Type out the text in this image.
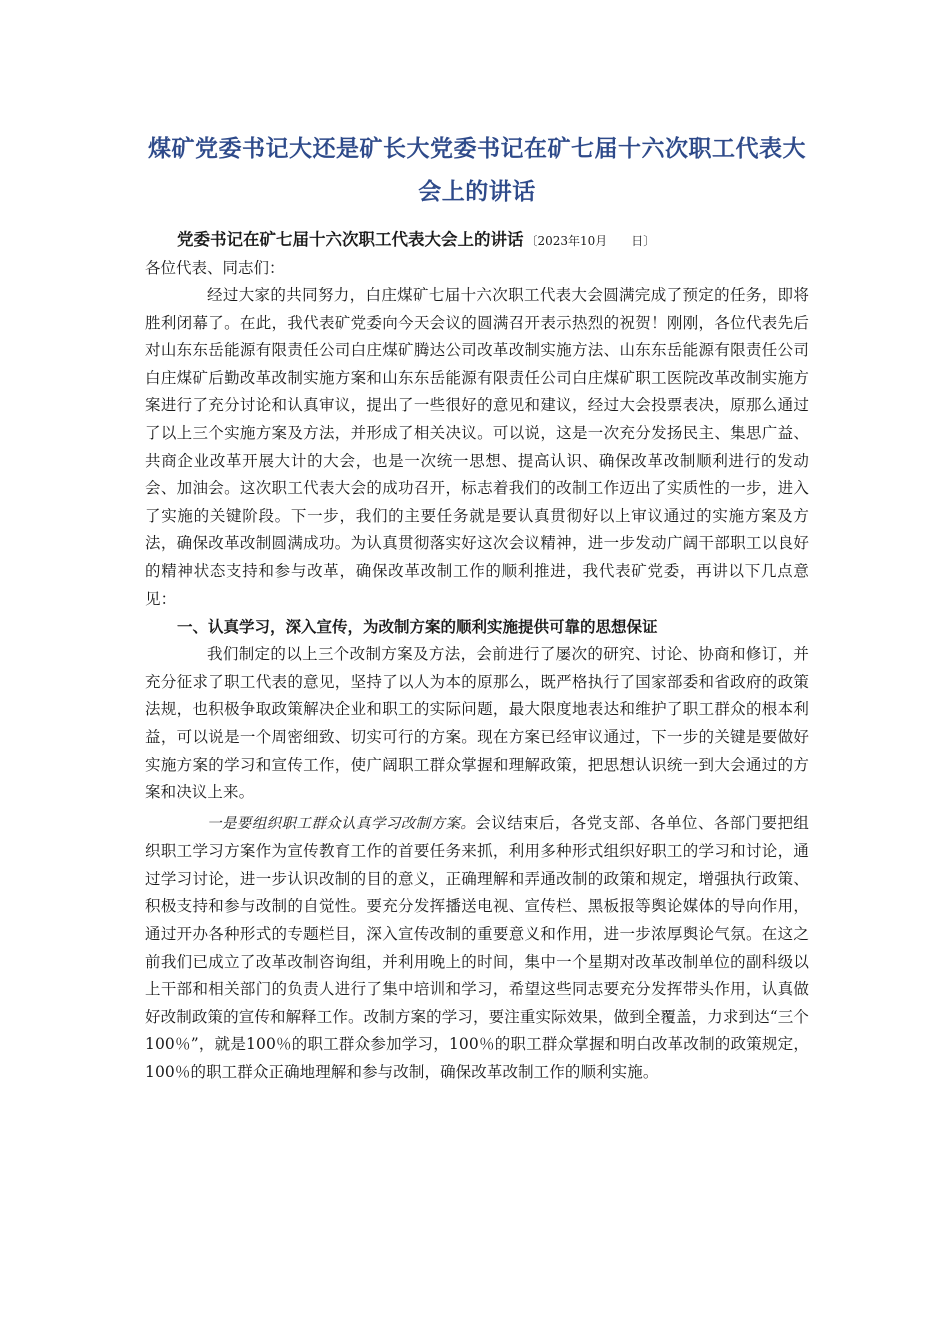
煤矿党委书记大还是矿长大党委书记在矿七届十六次职工代表大会上的讲话
党委书记在矿七届十六次职工代表大会上的讲话 〔2023年10月　　日〕
各位代表、同志们：

经过大家的共同努力，白庄煤矿七届十六次职工代表大会圆满完成了预定的任务，即将胜利闭幕了。在此，我代表矿党委向今天会议的圆满召开表示热烈的祝贺！刚刚，各位代表先后对山东东岳能源有限责任公司白庄煤矿腾达公司改革改制实施方法、山东东岳能源有限责任公司白庄煤矿后勤改革改制实施方案和山东东岳能源有限责任公司白庄煤矿职工医院改革改制实施方案进行了充分讨论和认真审议，提出了一些很好的意见和建议，经过大会投票表决，原那么通过了以上三个实施方案及方法，并形成了相关决议。可以说，这是一次充分发扬民主、集思广益、共商企业改革开展大计的大会，也是一次统一思想、提高认识、确保改革改制顺利进行的发动会、加油会。这次职工代表大会的成功召开，标志着我们的改制工作迈出了实质性的一步，进入了实施的关键阶段。下一步，我们的主要任务就是要认真贯彻好以上审议通过的实施方案及方法，确保改革改制圆满成功。为认真贯彻落实好这次会议精神，进一步发动广阔干部职工以良好的精神状态支持和参与改革，确保改革改制工作的顺利推进，我代表矿党委，再讲以下几点意见：

一、认真学习，深入宣传，为改制方案的顺利实施提供可靠的思想保证

我们制定的以上三个改制方案及方法，会前进行了屡次的研究、讨论、协商和修订，并充分征求了职工代表的意见，坚持了以人为本的原那么，既严格执行了国家部委和省政府的政策法规，也积极争取政策解决企业和职工的实际问题，最大限度地表达和维护了职工群众的根本利益，可以说是一个周密细致、切实可行的方案。现在方案已经审议通过，下一步的关键是要做好实施方案的学习和宣传工作，使广阔职工群众掌握和理解政策，把思想认识统一到大会通过的方案和决议上来。

一是要组织职工群众认真学习改制方案。会议结束后，各党支部、各单位、各部门要把组织职工学习方案作为宣传教育工作的首要任务来抓，利用多种形式组织好职工的学习和讨论，通过学习讨论，进一步认识改制的目的意义，正确理解和弄通改制的政策和规定，增强执行政策、积极支持和参与改制的自觉性。要充分发挥播送电视、宣传栏、黑板报等舆论媒体的导向作用，通过开办各种形式的专题栏目，深入宣传改制的重要意义和作用，进一步浓厚舆论气氛。在这之前我们已成立了改革改制咨询组，并利用晚上的时间，集中一个星期对改革改制单位的副科级以上干部和相关部门的负责人进行了集中培训和学习，希望这些同志要充分发挥带头作用，认真做好改制政策的宣传和解释工作。改制方案的学习，要注重实际效果，做到全覆盖，力求到达“三个100％”，就是100％的职工群众参加学习，100％的职工群众掌握和明白改革改制的政策规定，100％的职工群众正确地理解和参与改制，确保改革改制工作的顺利实施。
